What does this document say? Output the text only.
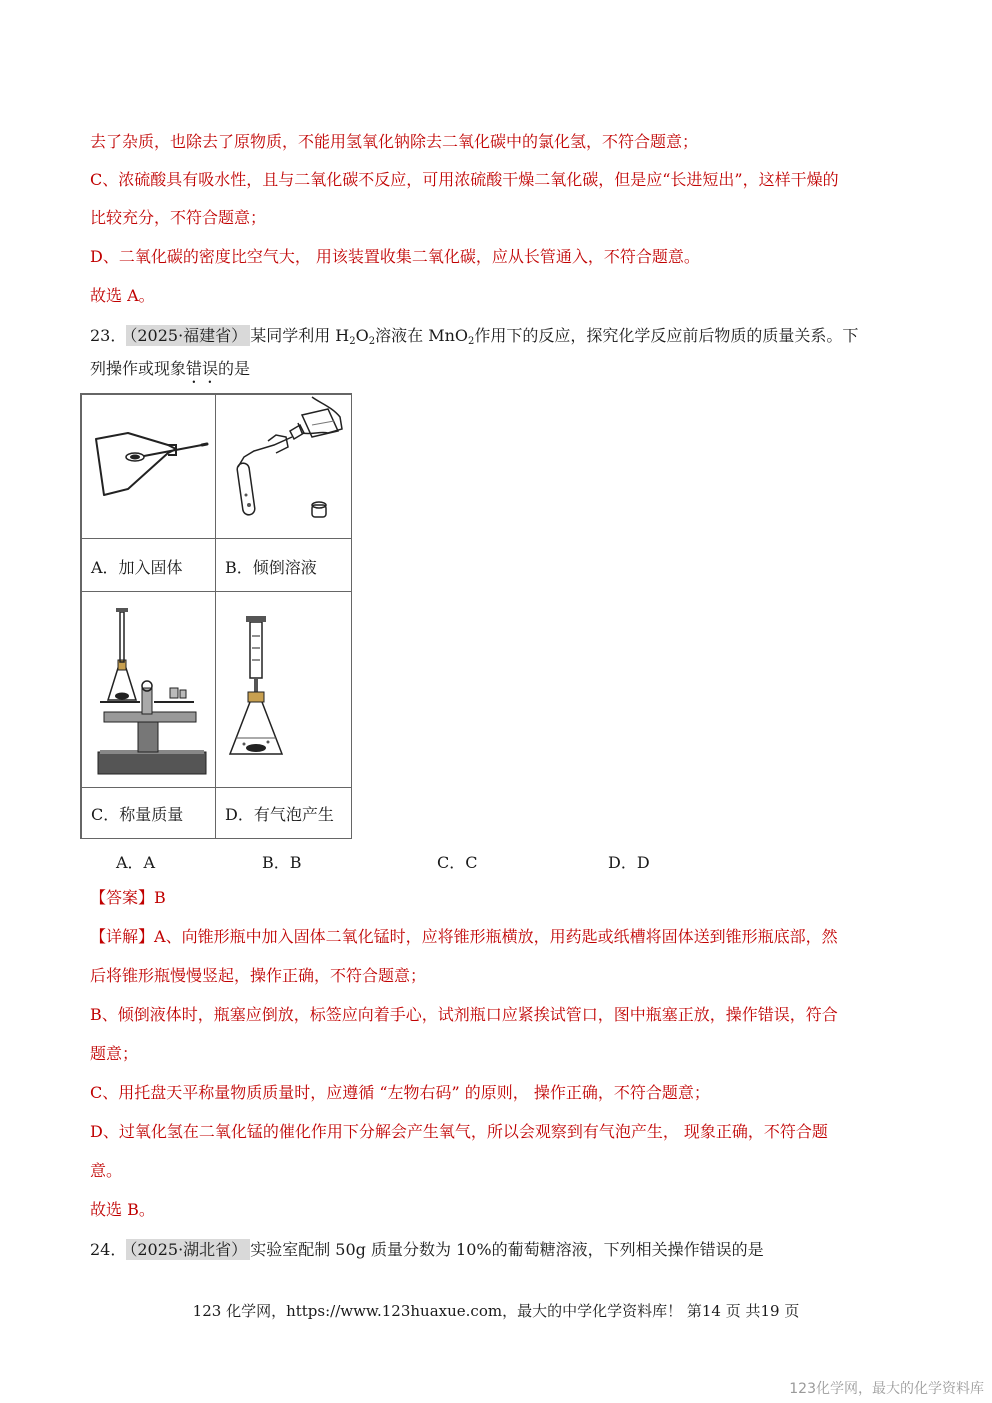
去了杂质，也除去了原物质，不能用氢氧化钠除去二氧化碳中的氯化氢，不符合题意；
C、浓硫酸具有吸水性，且与二氧化碳不反应，可用浓硫酸干燥二氧化碳，但是应“长进短出”，这样干燥的
比较充分，不符合题意；
D、二氧化碳的密度比空气大， 用该装置收集二氧化碳，应从长管通入，不符合题意。
故选 A。
23． （2025·福建省） 某同学利用 $H_2O_2$溶液在 MnO$_2$作用下的反应，探究化学反应前后物质的质量关系。下
列操作或现象错误的是
A．加入固体	B．倾倒溶液
C．称量质量	D．有气泡产生
A．A	B．B	C．C	D．D
【答案】B
【详解】A、向锥形瓶中加入固体二氧化锰时，应将锥形瓶横放，用药匙或纸槽将固体送到锥形瓶底部，然
后将锥形瓶慢慢竖起，操作正确，不符合题意；
B、倾倒液体时，瓶塞应倒放，标签应向着手心，试剂瓶口应紧挨试管口，图中瓶塞正放，操作错误，符合
题意；
C、用托盘天平称量物质质量时，应遵循 “左物右码” 的原则， 操作正确，不符合题意；
D、过氧化氢在二氧化锰的催化作用下分解会产生氧气，所以会观察到有气泡产生， 现象正确，不符合题
意。
故选 B。
24． （2025·湖北省） 实验室配制 50g 质量分数为 10%的葡萄糖溶液，下列相关操作错误的是
123 化学网，https://www.123huaxue.com，最大的中学化学资料库！ 第14 页 共19 页
123化学网，最大的化学资料库
